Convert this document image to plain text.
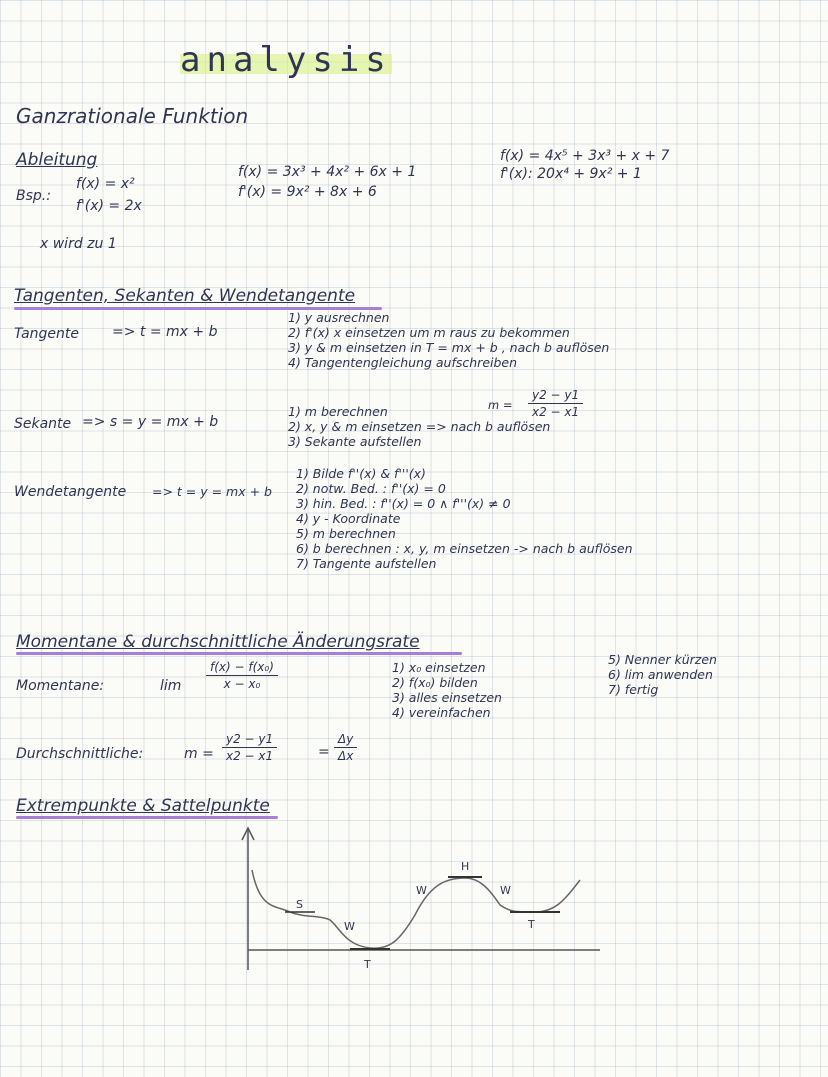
analysis
Ganzrationale Funktion
Ableitung
Bsp.:
f(x) = x²
f'(x) = 2x
f(x) = 3x³ + 4x² + 6x + 1
f'(x) = 9x² + 8x + 6
f(x) = 4x⁵ + 3x³ + x + 7
f'(x): 20x⁴ + 9x² + 1
x wird zu 1
Tangenten, Sekanten & Wendetangente
Tangente => t = mx + b
1) y ausrechnen
2) f'(x) x einsetzen um m raus zu bekommen
3) y & m einsetzen in T = mx + b , nach b auflösen
4) Tangentengleichung aufschreiben
Sekante => s = y = mx + b
1) m berechnen
2) x, y & m einsetzen => nach b auflösen
3) Sekante aufstellen
m =
y2 − y1
x2 − x1
Wendetangente => t = y = mx + b
1) Bilde f''(x) & f'''(x)
2) notw. Bed. : f''(x) = 0
3) hin. Bed. : f''(x) = 0 ∧ f'''(x) ≠ 0
4) y - Koordinate
5) m berechnen
6) b berechnen : x, y, m einsetzen -> nach b auflösen
7) Tangente aufstellen
Momentane & durchschnittliche Änderungsrate
Momentane:	lim
f(x) − f(x₀)
x − x₀
1) x₀ einsetzen
2) f(x₀) bilden
3) alles einsetzen
4) vereinfachen
5) Nenner kürzen
6) lim anwenden
7) fertig
Durchschnittliche:	m =
y2 − y1
x2 − x1	=
Δy
Δx
Extrempunkte & Sattelpunkte
S
W
T
W
H
W
T
